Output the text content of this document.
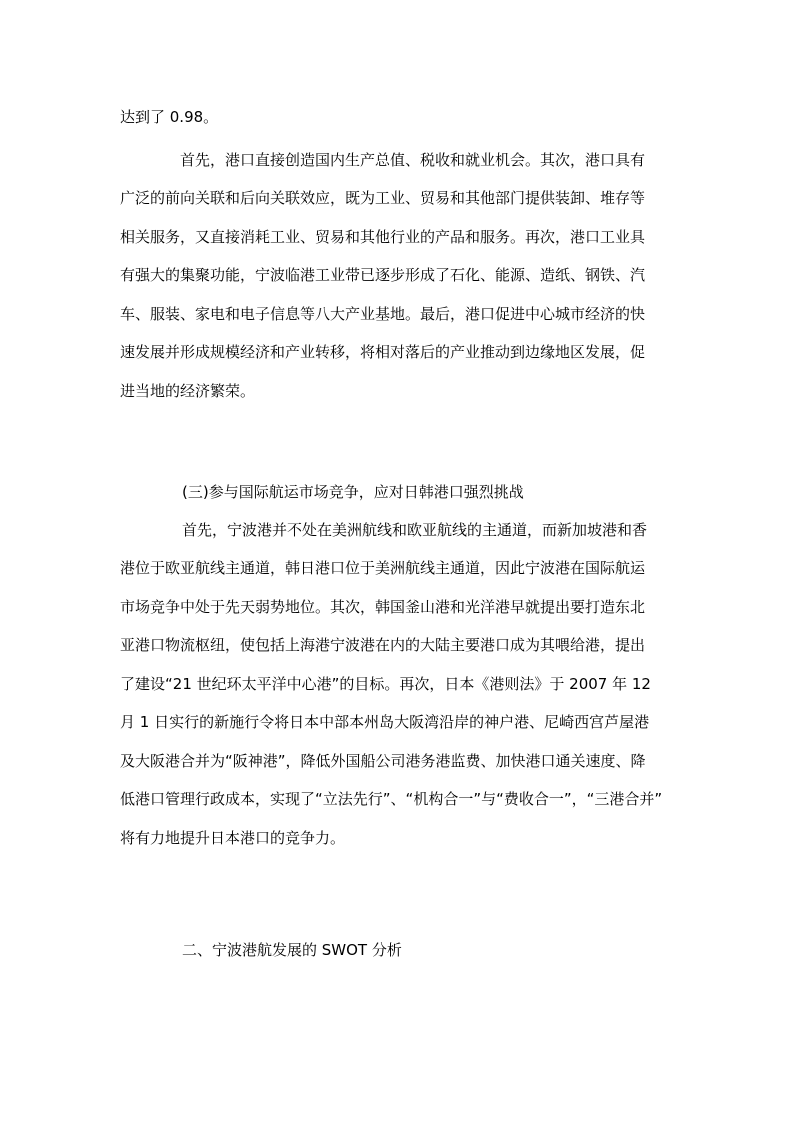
达到了 0.98。
首先，港口直接创造国内生产总值、税收和就业机会。其次，港口具有
广泛的前向关联和后向关联效应，既为工业、贸易和其他部门提供装卸、堆存等
相关服务，又直接消耗工业、贸易和其他行业的产品和服务。再次，港口工业具
有强大的集聚功能，宁波临港工业带已逐步形成了石化、能源、造纸、钢铁、汽
车、服装、家电和电子信息等八大产业基地。最后，港口促进中心城市经济的快
速发展并形成规模经济和产业转移，将相对落后的产业推动到边缘地区发展，促
进当地的经济繁荣。
(三)参与国际航运市场竞争，应对日韩港口强烈挑战
首先，宁波港并不处在美洲航线和欧亚航线的主通道，而新加坡港和香
港位于欧亚航线主通道，韩日港口位于美洲航线主通道，因此宁波港在国际航运
市场竞争中处于先天弱势地位。其次，韩国釜山港和光洋港早就提出要打造东北
亚港口物流枢纽，使包括上海港宁波港在内的大陆主要港口成为其喂给港，提出
了建设“21 世纪环太平洋中心港”的目标。再次，日本《港则法》于 2007 年 12
月 1 日实行的新施行令将日本中部本州岛大阪湾沿岸的神户港、尼崎西宫芦屋港
及大阪港合并为“阪神港”，降低外国船公司港务港监费、加快港口通关速度、降
低港口管理行政成本，实现了“立法先行”、“机构合一”与“费收合一”，“三港合并”
将有力地提升日本港口的竞争力。
二、宁波港航发展的 SWOT 分析
